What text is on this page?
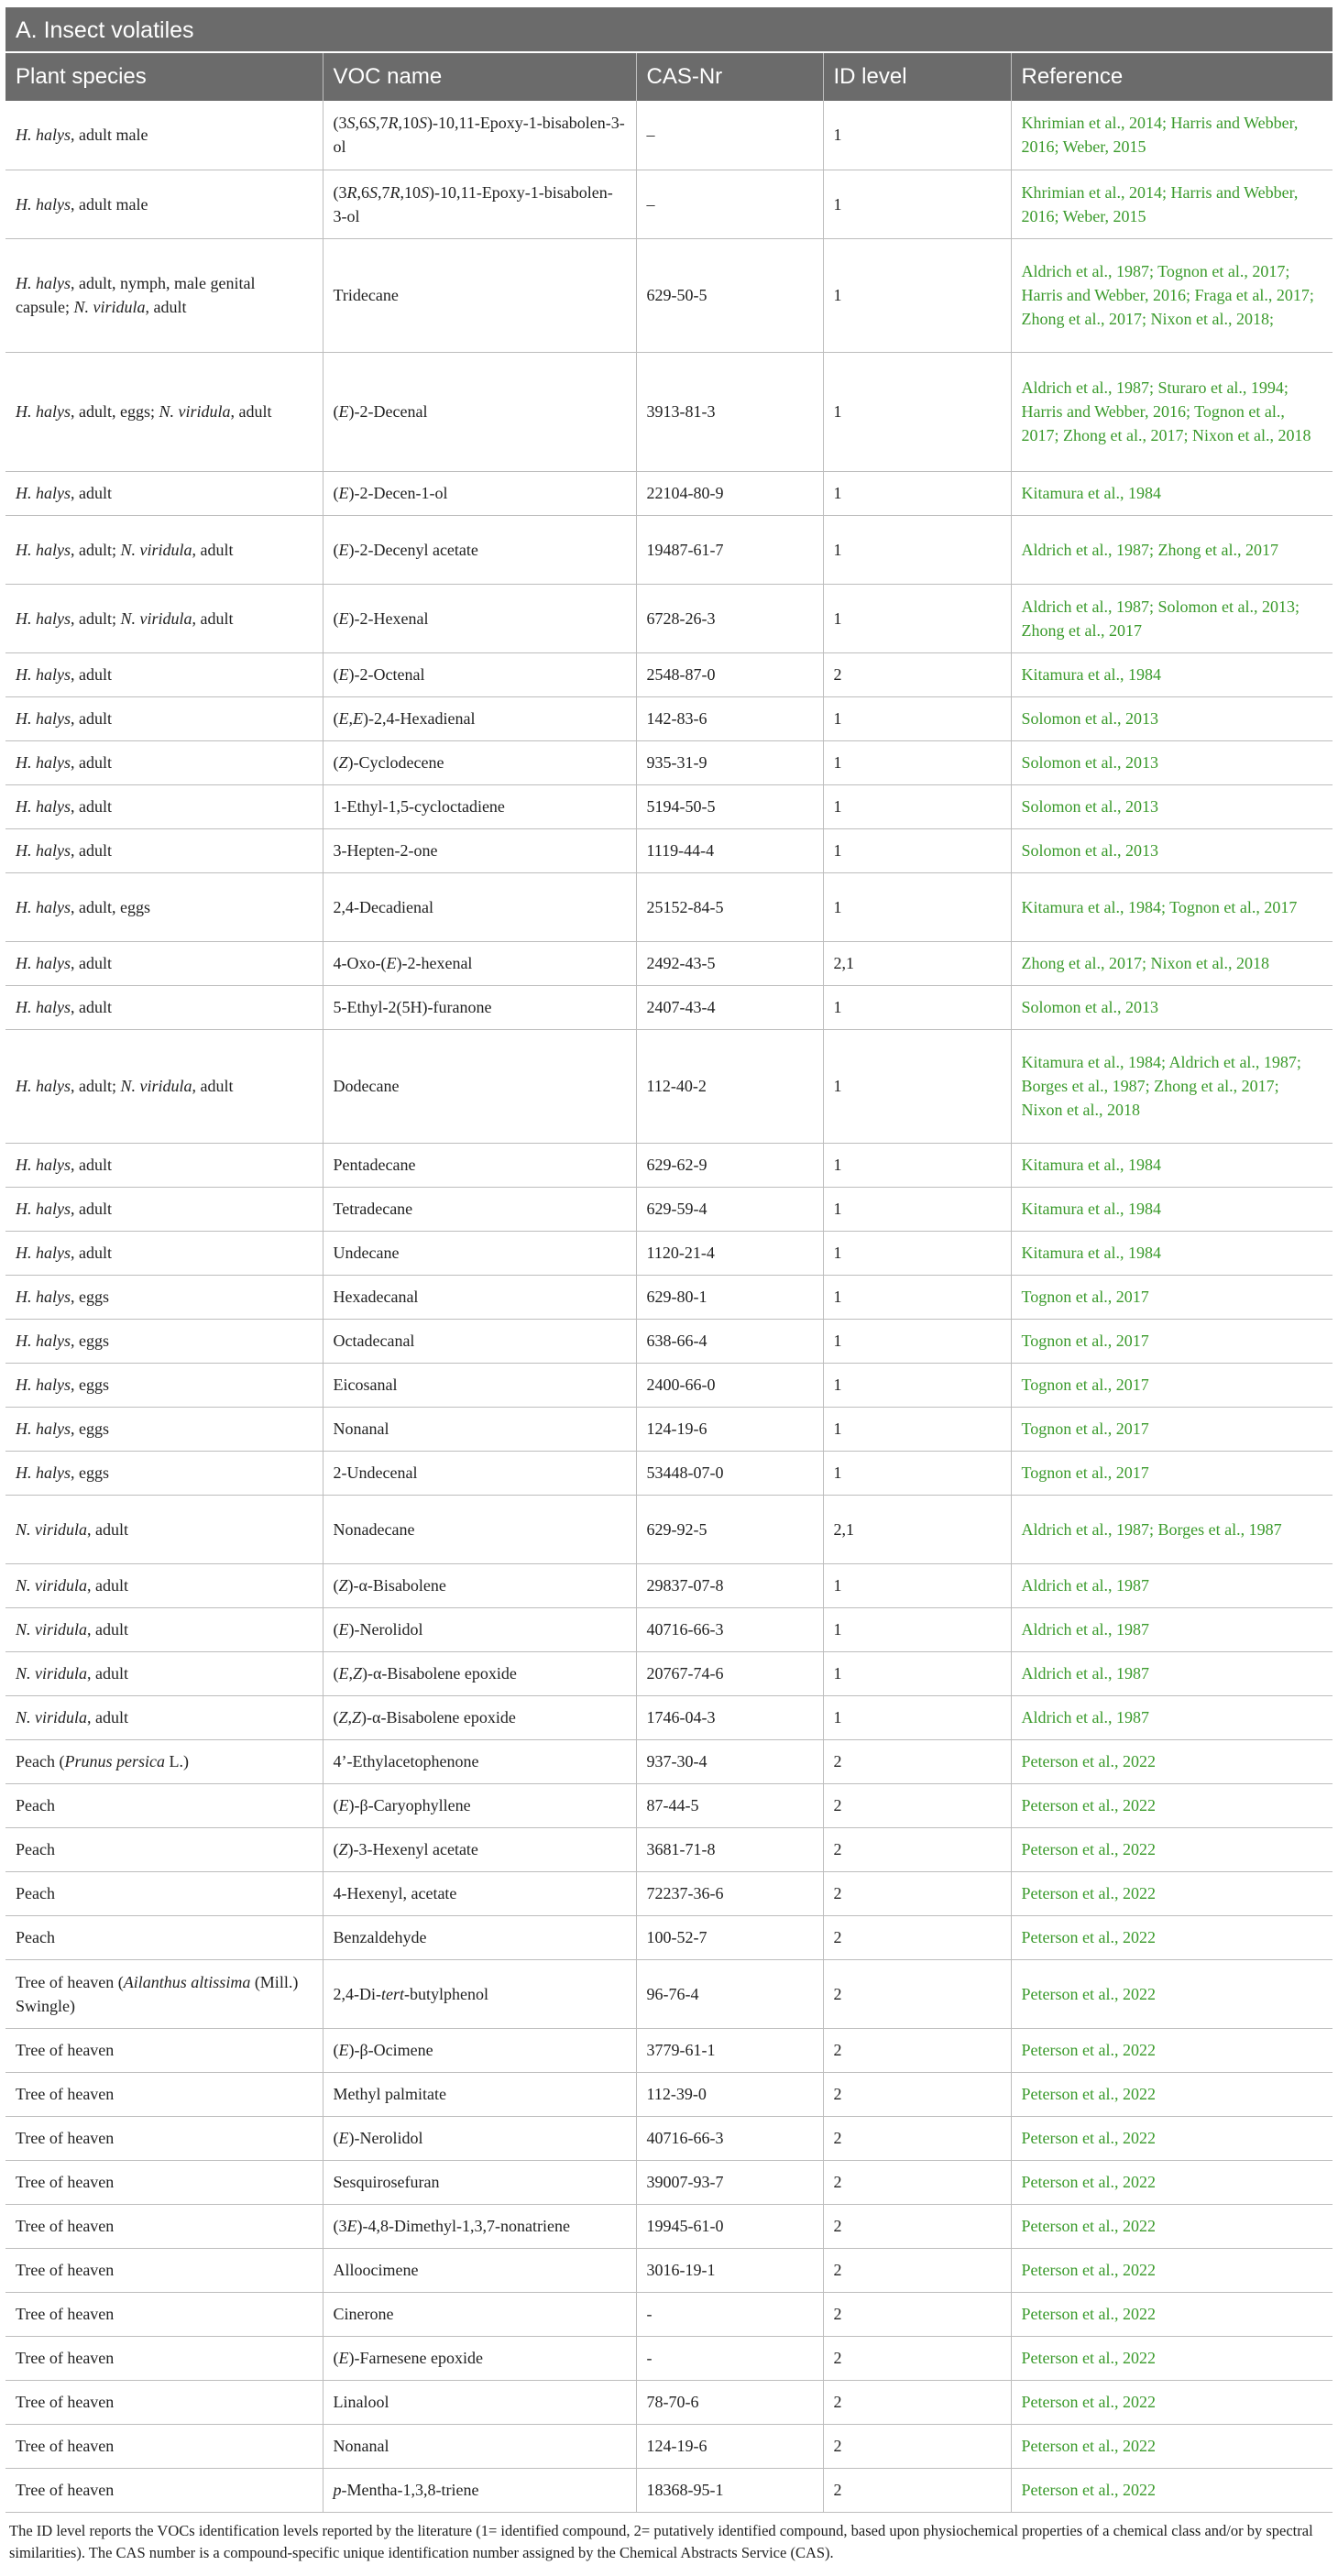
A. Insect volatiles
Plant species	VOC name	CAS-Nr	ID level	Reference
H. halys, adult male	(3S,6S,7R,10S)-10,11-Epoxy-1-bisabolen-3-ol	–	1	Khrimian et al., 2014; Harris and Webber, 2016; Weber, 2015
H. halys, adult male	(3R,6S,7R,10S)-10,11-Epoxy-1-bisabolen-3-ol	–	1	Khrimian et al., 2014; Harris and Webber, 2016; Weber, 2015
H. halys, adult, nymph, male genital capsule; N. viridula, adult	Tridecane	629-50-5	1	Aldrich et al., 1987; Tognon et al., 2017; Harris and Webber, 2016; Fraga et al., 2017; Zhong et al., 2017; Nixon et al., 2018;
H. halys, adult, eggs; N. viridula, adult	(E)-2-Decenal	3913-81-3	1	Aldrich et al., 1987; Sturaro et al., 1994; Harris and Webber, 2016; Tognon et al., 2017; Zhong et al., 2017; Nixon et al., 2018
H. halys, adult	(E)-2-Decen-1-ol	22104-80-9	1	Kitamura et al., 1984
H. halys, adult; N. viridula, adult	(E)-2-Decenyl acetate	19487-61-7	1	Aldrich et al., 1987; Zhong et al., 2017
H. halys, adult; N. viridula, adult	(E)-2-Hexenal	6728-26-3	1	Aldrich et al., 1987; Solomon et al., 2013; Zhong et al., 2017
H. halys, adult	(E)-2-Octenal	2548-87-0	2	Kitamura et al., 1984
H. halys, adult	(E,E)-2,4-Hexadienal	142-83-6	1	Solomon et al., 2013
H. halys, adult	(Z)-Cyclodecene	935-31-9	1	Solomon et al., 2013
H. halys, adult	1-Ethyl-1,5-cycloctadiene	5194-50-5	1	Solomon et al., 2013
H. halys, adult	3-Hepten-2-one	1119-44-4	1	Solomon et al., 2013
H. halys, adult, eggs	2,4-Decadienal	25152-84-5	1	Kitamura et al., 1984; Tognon et al., 2017
H. halys, adult	4-Oxo-(E)-2-hexenal	2492-43-5	2,1	Zhong et al., 2017; Nixon et al., 2018
H. halys, adult	5-Ethyl-2(5H)-furanone	2407-43-4	1	Solomon et al., 2013
H. halys, adult; N. viridula, adult	Dodecane	112-40-2	1	Kitamura et al., 1984; Aldrich et al., 1987; Borges et al., 1987; Zhong et al., 2017; Nixon et al., 2018
H. halys, adult	Pentadecane	629-62-9	1	Kitamura et al., 1984
H. halys, adult	Tetradecane	629-59-4	1	Kitamura et al., 1984
H. halys, adult	Undecane	1120-21-4	1	Kitamura et al., 1984
H. halys, eggs	Hexadecanal	629-80-1	1	Tognon et al., 2017
H. halys, eggs	Octadecanal	638-66-4	1	Tognon et al., 2017
H. halys, eggs	Eicosanal	2400-66-0	1	Tognon et al., 2017
H. halys, eggs	Nonanal	124-19-6	1	Tognon et al., 2017
H. halys, eggs	2-Undecenal	53448-07-0	1	Tognon et al., 2017
N. viridula, adult	Nonadecane	629-92-5	2,1	Aldrich et al., 1987; Borges et al., 1987
N. viridula, adult	(Z)-α-Bisabolene	29837-07-8	1	Aldrich et al., 1987
N. viridula, adult	(E)-Nerolidol	40716-66-3	1	Aldrich et al., 1987
N. viridula, adult	(E,Z)-α-Bisabolene epoxide	20767-74-6	1	Aldrich et al., 1987
N. viridula, adult	(Z,Z)-α-Bisabolene epoxide	1746-04-3	1	Aldrich et al., 1987
Peach (Prunus persica L.)	4’-Ethylacetophenone	937-30-4	2	Peterson et al., 2022
Peach	(E)-β-Caryophyllene	87-44-5	2	Peterson et al., 2022
Peach	(Z)-3-Hexenyl acetate	3681-71-8	2	Peterson et al., 2022
Peach	4-Hexenyl, acetate	72237-36-6	2	Peterson et al., 2022
Peach	Benzaldehyde	100-52-7	2	Peterson et al., 2022
Tree of heaven (Ailanthus altissima (Mill.) Swingle)	2,4-Di-tert-butylphenol	96-76-4	2	Peterson et al., 2022
Tree of heaven	(E)-β-Ocimene	3779-61-1	2	Peterson et al., 2022
Tree of heaven	Methyl palmitate	112-39-0	2	Peterson et al., 2022
Tree of heaven	(E)-Nerolidol	40716-66-3	2	Peterson et al., 2022
Tree of heaven	Sesquirosefuran	39007-93-7	2	Peterson et al., 2022
Tree of heaven	(3E)-4,8-Dimethyl-1,3,7-nonatriene	19945-61-0	2	Peterson et al., 2022
Tree of heaven	Alloocimene	3016-19-1	2	Peterson et al., 2022
Tree of heaven	Cinerone	-	2	Peterson et al., 2022
Tree of heaven	(E)-Farnesene epoxide	-	2	Peterson et al., 2022
Tree of heaven	Linalool	78-70-6	2	Peterson et al., 2022
Tree of heaven	Nonanal	124-19-6	2	Peterson et al., 2022
Tree of heaven	p-Mentha-1,3,8-triene	18368-95-1	2	Peterson et al., 2022
The ID level reports the VOCs identification levels reported by the literature (1= identified compound, 2= putatively identified compound, based upon physiochemical properties of a chemical class and/or by spectral similarities). The CAS number is a compound-specific unique identification number assigned by the Chemical Abstracts Service (CAS).
